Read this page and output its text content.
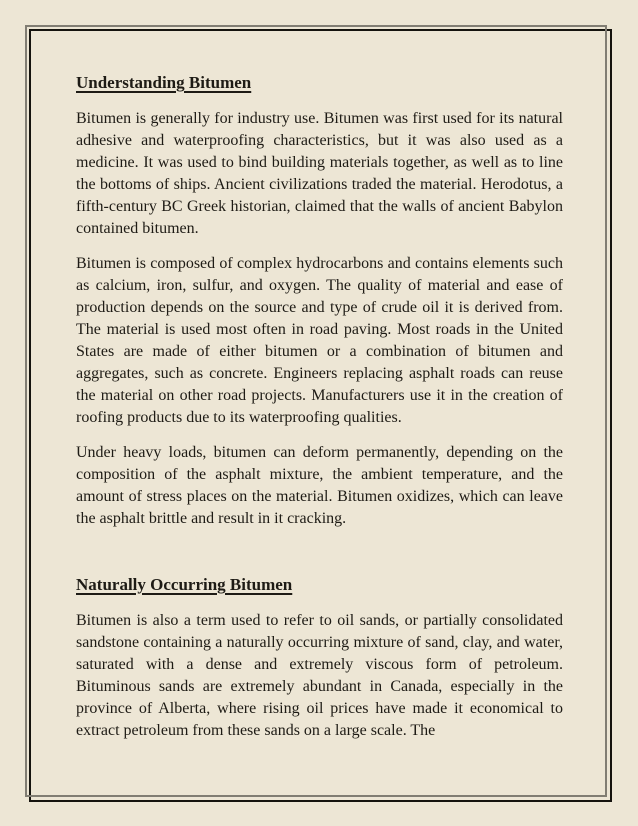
Understanding Bitumen

Bitumen is generally for industry use. Bitumen was first used for its natural adhesive and waterproofing characteristics, but it was also used as a medicine. It was used to bind building materials together, as well as to line the bottoms of ships. Ancient civilizations traded the material. Herodotus, a fifth-century BC Greek historian, claimed that the walls of ancient Babylon contained bitumen.

Bitumen is composed of complex hydrocarbons and contains elements such as calcium, iron, sulfur, and oxygen. The quality of material and ease of production depends on the source and type of crude oil it is derived from. The material is used most often in road paving. Most roads in the United States are made of either bitumen or a combination of bitumen and aggregates, such as concrete. Engineers replacing asphalt roads can reuse the material on other road projects. Manufacturers use it in the creation of roofing products due to its waterproofing qualities.

Under heavy loads, bitumen can deform permanently, depending on the composition of the asphalt mixture, the ambient temperature, and the amount of stress places on the material. Bitumen oxidizes, which can leave the asphalt brittle and result in it cracking.

Naturally Occurring Bitumen

Bitumen is also a term used to refer to oil sands, or partially consolidated sandstone containing a naturally occurring mixture of sand, clay, and water, saturated with a dense and extremely viscous form of petroleum. Bituminous sands are extremely abundant in Canada, especially in the province of Alberta, where rising oil prices have made it economical to extract petroleum from these sands on a large scale. The
